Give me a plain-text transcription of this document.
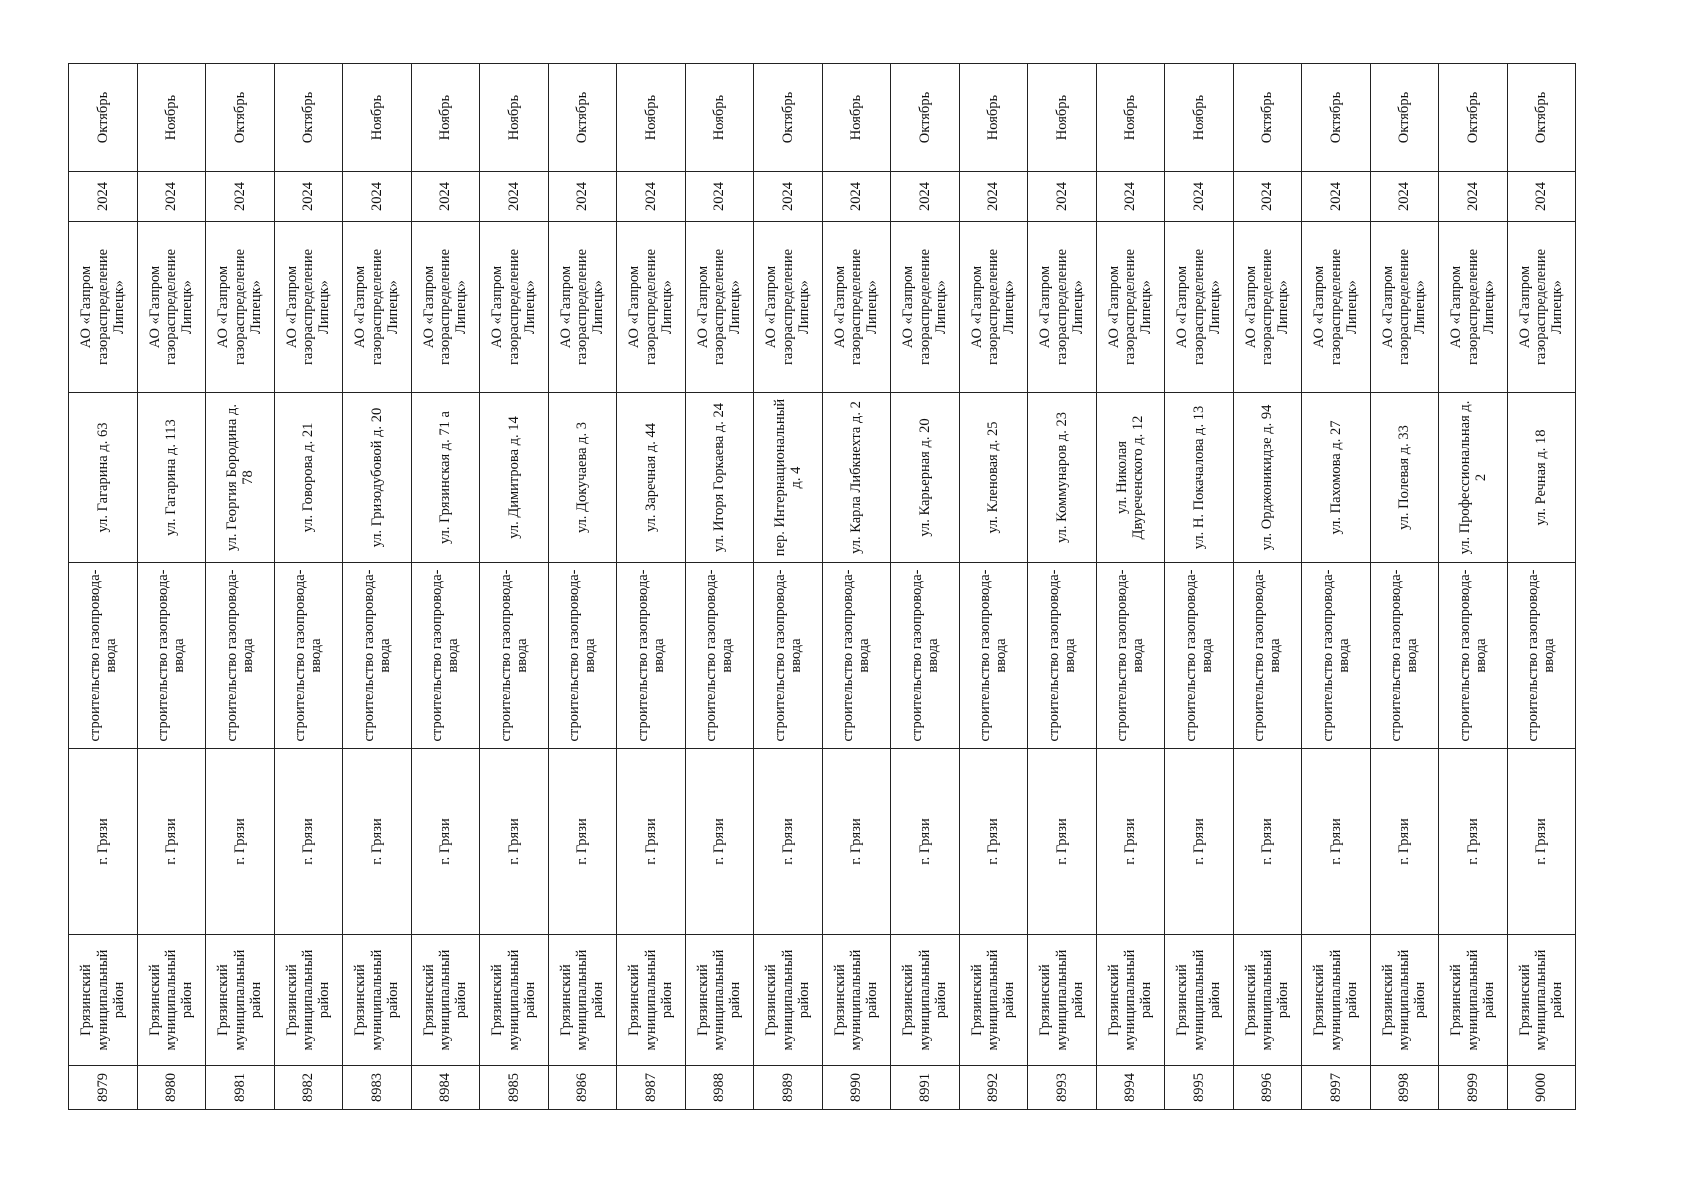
8979	Грязинский муниципальный район	г. Грязи	строительство газопровода-ввода	ул. Гагарина д. 63	АО «Газпром газораспределение Липецк»	2024	Октябрь
8980	Грязинский муниципальный район	г. Грязи	строительство газопровода-ввода	ул. Гагарина д. 113	АО «Газпром газораспределение Липецк»	2024	Ноябрь
8981	Грязинский муниципальный район	г. Грязи	строительство газопровода-ввода	ул. Георгия Бородина д. 78	АО «Газпром газораспределение Липецк»	2024	Октябрь
8982	Грязинский муниципальный район	г. Грязи	строительство газопровода-ввода	ул. Говорова д. 21	АО «Газпром газораспределение Липецк»	2024	Октябрь
8983	Грязинский муниципальный район	г. Грязи	строительство газопровода-ввода	ул. Гризодубовой д. 20	АО «Газпром газораспределение Липецк»	2024	Ноябрь
8984	Грязинский муниципальный район	г. Грязи	строительство газопровода-ввода	ул. Грязинская д. 71 а	АО «Газпром газораспределение Липецк»	2024	Ноябрь
8985	Грязинский муниципальный район	г. Грязи	строительство газопровода-ввода	ул. Димитрова д. 14	АО «Газпром газораспределение Липецк»	2024	Ноябрь
8986	Грязинский муниципальный район	г. Грязи	строительство газопровода-ввода	ул. Докучаева д. 3	АО «Газпром газораспределение Липецк»	2024	Октябрь
8987	Грязинский муниципальный район	г. Грязи	строительство газопровода-ввода	ул. Заречная д. 44	АО «Газпром газораспределение Липецк»	2024	Ноябрь
8988	Грязинский муниципальный район	г. Грязи	строительство газопровода-ввода	ул. Игоря Горкаева д. 24	АО «Газпром газораспределение Липецк»	2024	Ноябрь
8989	Грязинский муниципальный район	г. Грязи	строительство газопровода-ввода	пер. Интернациональный д. 4	АО «Газпром газораспределение Липецк»	2024	Октябрь
8990	Грязинский муниципальный район	г. Грязи	строительство газопровода-ввода	ул. Карла Либкнехта д. 2	АО «Газпром газораспределение Липецк»	2024	Ноябрь
8991	Грязинский муниципальный район	г. Грязи	строительство газопровода-ввода	ул. Карьерная д. 20	АО «Газпром газораспределение Липецк»	2024	Октябрь
8992	Грязинский муниципальный район	г. Грязи	строительство газопровода-ввода	ул. Кленовая д. 25	АО «Газпром газораспределение Липецк»	2024	Ноябрь
8993	Грязинский муниципальный район	г. Грязи	строительство газопровода-ввода	ул. Коммунаров д. 23	АО «Газпром газораспределение Липецк»	2024	Ноябрь
8994	Грязинский муниципальный район	г. Грязи	строительство газопровода-ввода	ул. Николая Двуреченского д. 12	АО «Газпром газораспределение Липецк»	2024	Ноябрь
8995	Грязинский муниципальный район	г. Грязи	строительство газопровода-ввода	ул. Н. Покачалова д. 13	АО «Газпром газораспределение Липецк»	2024	Ноябрь
8996	Грязинский муниципальный район	г. Грязи	строительство газопровода-ввода	ул. Орджоникидзе д. 94	АО «Газпром газораспределение Липецк»	2024	Октябрь
8997	Грязинский муниципальный район	г. Грязи	строительство газопровода-ввода	ул. Пахомова д. 27	АО «Газпром газораспределение Липецк»	2024	Октябрь
8998	Грязинский муниципальный район	г. Грязи	строительство газопровода-ввода	ул. Полевая д. 33	АО «Газпром газораспределение Липецк»	2024	Октябрь
8999	Грязинский муниципальный район	г. Грязи	строительство газопровода-ввода	ул. Профессиональная д. 2	АО «Газпром газораспределение Липецк»	2024	Октябрь
9000	Грязинский муниципальный район	г. Грязи	строительство газопровода-ввода	ул. Речная д. 18	АО «Газпром газораспределение Липецк»	2024	Октябрь
